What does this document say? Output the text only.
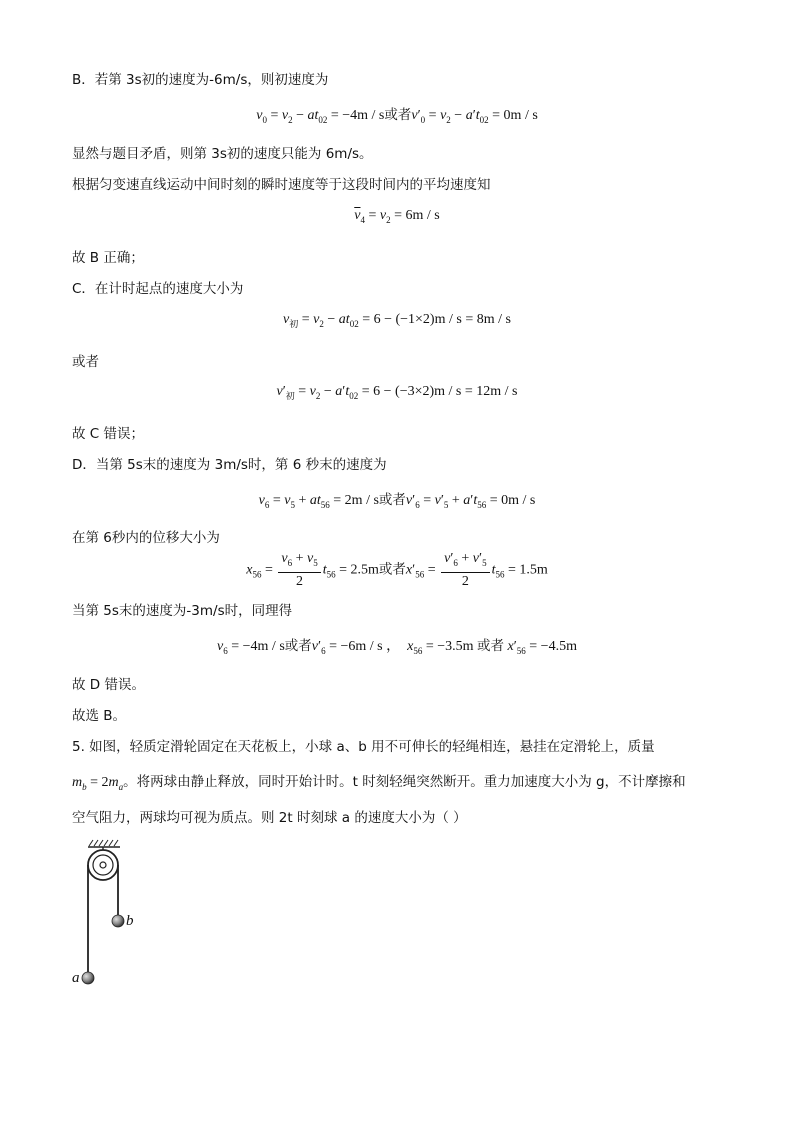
B．若第 3s初的速度为-6m/s，则初速度为
$v_0 = v_2 - at_{02} = -4m / s$或者$v'_0 = v_2 - a't_{02} = 0m / s$
显然与题目矛盾，则第 3s初的速度只能为 6m/s。
根据匀变速直线运动中间时刻的瞬时速度等于这段时间内的平均速度知
$\overline{v}_4 = v_2 = 6m / s$
故 B 正确；
C．在计时起点的速度大小为
$v_初 = v_2 - at_{02} = 6 - (-1\times 2)m / s = 8m / s$
或者
$v'_初 = v_2 - a't_{02} = 6 - (-3\times 2)m / s = 12m / s$
故 C 错误；
D．当第 5s末的速度为 3m/s时，第 6 秒末的速度为
$v_6 = v_5 + at_{56} = 2m / s$或者$v'_6 = v'_5 + a't_{56} = 0m / s$
在第 6秒内的位移大小为
$x_{56} = \frac{v_6 + v_5}{2} t_{56} = 2.5m$或者$x'_{56} = \frac{v'_6 + v'_5}{2} t_{56} = 1.5m$
当第 5s末的速度为-3m/s时，同理得
$v_6 = -4m / s$或者$v'_6 = -6m / s$ ，  $x_{56} = -3.5m$ 或者 $x'_{56} = -4.5m$
故 D 错误。
故选 B。
5. 如图，轻质定滑轮固定在天花板上，小球 a、b 用不可伸长的轻绳相连，悬挂在定滑轮上，质量
$m_b = 2m_a$。将两球由静止释放，同时开始计时。t 时刻轻绳突然断开。重力加速度大小为 g，不计摩擦和
空气阻力，两球均可视为质点。则 2t 时刻球 a 的速度大小为（ ）
b
a
